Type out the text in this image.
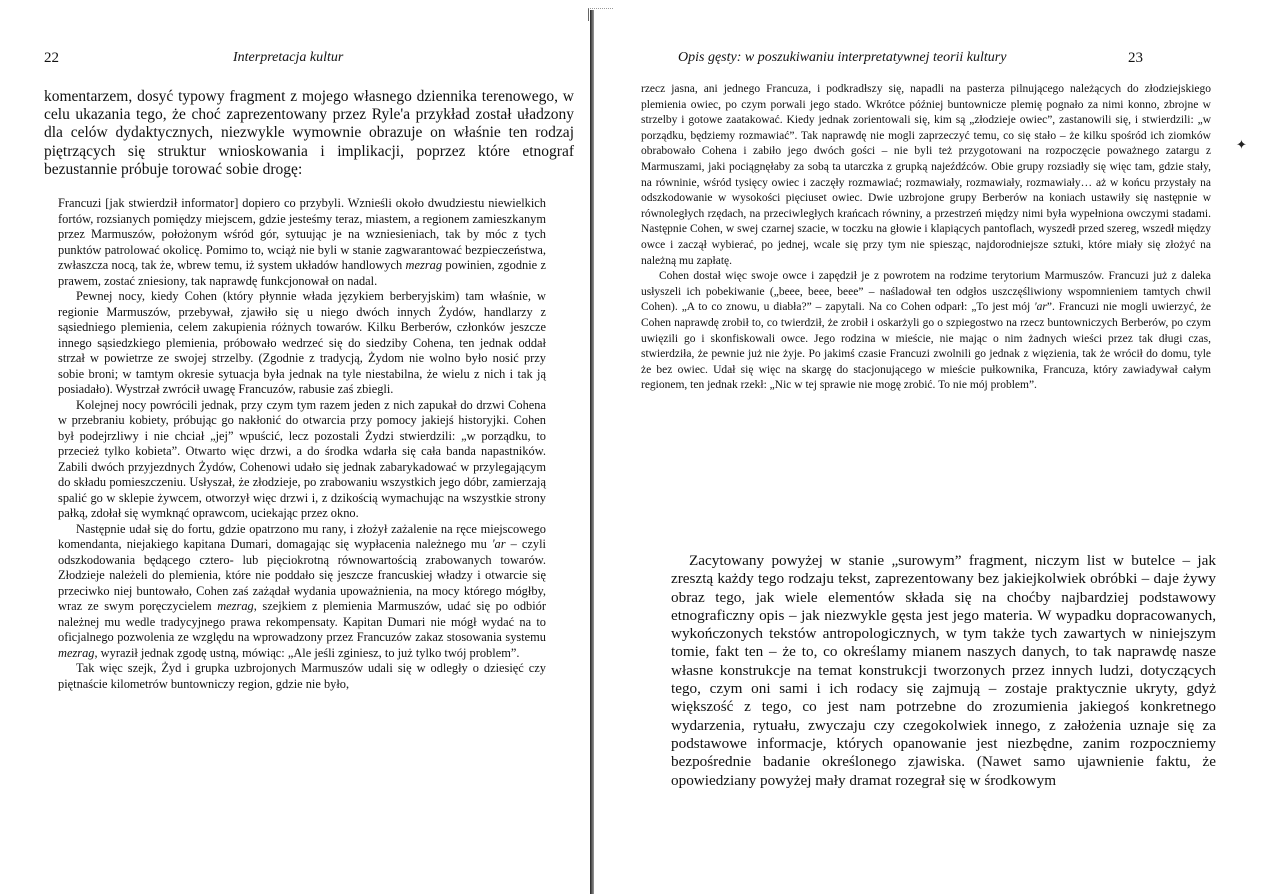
22	Interpretacja kultur

komentarzem, dosyć typowy fragment z mojego własnego dziennika terenowego, w celu ukazania tego, że choć zaprezentowany przez Ryle'a przykład został uładzony dla celów dydaktycznych, niezwykle wymownie obrazuje on właśnie ten rodzaj piętrzących się struktur wnioskowania i implikacji, poprzez które etnograf bezustannie próbuje torować sobie drogę:

Francuzi [jak stwierdził informator] dopiero co przybyli. Wznieśli około dwudziestu niewielkich fortów, rozsianych pomiędzy miejscem, gdzie jesteśmy teraz, miastem, a regionem zamieszkanym przez Marmuszów, położonym wśród gór, sytuując je na wzniesieniach, tak by móc z tych punktów patrolować okolicę. Pomimo to, wciąż nie byli w stanie zagwarantować bezpieczeństwa, zwłaszcza nocą, tak że, wbrew temu, iż system układów handlowych mezrag powinien, zgodnie z prawem, zostać zniesiony, tak naprawdę funkcjonował on nadal.

Pewnej nocy, kiedy Cohen (który płynnie włada językiem berberyjskim) tam właśnie, w regionie Marmuszów, przebywał, zjawiło się u niego dwóch innych Żydów, handlarzy z sąsiedniego plemienia, celem zakupienia różnych towarów. Kilku Berberów, członków jeszcze innego sąsiedzkiego plemienia, próbowało wedrzeć się do siedziby Cohena, ten jednak oddał strzał w powietrze ze swojej strzelby. (Zgodnie z tradycją, Żydom nie wolno było nosić przy sobie broni; w tamtym okresie sytuacja była jednak na tyle niestabilna, że wielu z nich i tak ją posiadało). Wystrzał zwrócił uwagę Francuzów, rabusie zaś zbiegli.

Kolejnej nocy powrócili jednak, przy czym tym razem jeden z nich zapukał do drzwi Cohena w przebraniu kobiety, próbując go nakłonić do otwarcia przy pomocy jakiejś historyjki. Cohen był podejrzliwy i nie chciał „jej” wpuścić, lecz pozostali Żydzi stwierdzili: „w porządku, to przecież tylko kobieta”. Otwarto więc drzwi, a do środka wdarła się cała banda napastników. Zabili dwóch przyjezdnych Żydów, Cohenowi udało się jednak zabarykadować w przylegającym do składu pomieszczeniu. Usłyszał, że złodzieje, po zrabowaniu wszystkich jego dóbr, zamierzają spalić go w sklepie żywcem, otworzył więc drzwi i, z dzikością wymachując na wszystkie strony pałką, zdołał się wymknąć oprawcom, uciekając przez okno.

Następnie udał się do fortu, gdzie opatrzono mu rany, i złożył zażalenie na ręce miejscowego komendanta, niejakiego kapitana Dumari, domagając się wypłacenia należnego mu 'ar – czyli odszkodowania będącego cztero- lub pięciokrotną równowartością zrabowanych towarów. Złodzieje należeli do plemienia, które nie poddało się jeszcze francuskiej władzy i otwarcie się przeciwko niej buntowało, Cohen zaś zażądał wydania upoważnienia, na mocy którego mógłby, wraz ze swym poręczycielem mezrag, szejkiem z plemienia Marmuszów, udać się po odbiór należnej mu wedle tradycyjnego prawa rekompensaty. Kapitan Dumari nie mógł wydać na to oficjalnego pozwolenia ze względu na wprowadzony przez Francuzów zakaz stosowania systemu mezrag, wyraził jednak zgodę ustną, mówiąc: „Ale jeśli zginiesz, to już tylko twój problem”.

Tak więc szejk, Żyd i grupka uzbrojonych Marmuszów udali się w odległy o dziesięć czy piętnaście kilometrów buntowniczy region, gdzie nie było,

Opis gęsty: w poszukiwaniu interpretatywnej teorii kultury	23

rzecz jasna, ani jednego Francuza, i podkradłszy się, napadli na pasterza pilnującego należących do złodziejskiego plemienia owiec, po czym porwali jego stado. Wkrótce później buntownicze plemię pognało za nimi konno, zbrojne w strzelby i gotowe zaatakować. Kiedy jednak zorientowali się, kim są „złodzieje owiec”, zastanowili się, i stwierdzili: „w porządku, będziemy rozmawiać”. Tak naprawdę nie mogli zaprzeczyć temu, co się stało – że kilku spośród ich ziomków obrabowało Cohena i zabiło jego dwóch gości – nie byli też przygotowani na rozpoczęcie poważnego zatargu z Marmuszami, jaki pociągnęłaby za sobą ta utarczka z grupką najeźdźców. Obie grupy rozsiadły się więc tam, gdzie stały, na równinie, wśród tysięcy owiec i zaczęły rozmawiać; rozmawiały, rozmawiały, rozmawiały… aż w końcu przystały na odszkodowanie w wysokości pięciuset owiec. Dwie uzbrojone grupy Berberów na koniach ustawiły się następnie w równoległych rzędach, na przeciwległych krańcach równiny, a przestrzeń między nimi była wypełniona owczymi stadami. Następnie Cohen, w swej czarnej szacie, w toczku na głowie i klapiących pantoflach, wyszedł przed szereg, wszedł między owce i zaczął wybierać, po jednej, wcale się przy tym nie spiesząc, najdorodniejsze sztuki, które miały się złożyć na należną mu zapłatę.

Cohen dostał więc swoje owce i zapędził je z powrotem na rodzime terytorium Marmuszów. Francuzi już z daleka usłyszeli ich pobekiwanie („beee, beee, beee” – naśladował ten odgłos uszczęśliwiony wspomnieniem tamtych chwil Cohen). „A to co znowu, u diabła?” – zapytali. Na co Cohen odparł: „To jest mój 'ar”. Francuzi nie mogli uwierzyć, że Cohen naprawdę zrobił to, co twierdził, że zrobił i oskarżyli go o szpiegostwo na rzecz buntowniczych Berberów, po czym uwięzili go i skonfiskowali owce. Jego rodzina w mieście, nie mając o nim żadnych wieści przez tak długi czas, stwierdziła, że pewnie już nie żyje. Po jakimś czasie Francuzi zwolnili go jednak z więzienia, tak że wrócił do domu, tyle że bez owiec. Udał się więc na skargę do stacjonującego w mieście pułkownika, Francuza, który zawiadywał całym regionem, ten jednak rzekł: „Nic w tej sprawie nie mogę zrobić. To nie mój problem”.

Zacytowany powyżej w stanie „surowym” fragment, niczym list w butelce – jak zresztą każdy tego rodzaju tekst, zaprezentowany bez jakiejkolwiek obróbki – daje żywy obraz tego, jak wiele elementów składa się na choćby najbardziej podstawowy etnograficzny opis – jak niezwykle gęsta jest jego materia. W wypadku dopracowanych, wykończonych tekstów antropologicznych, w tym także tych zawartych w niniejszym tomie, fakt ten – że to, co określamy mianem naszych danych, to tak naprawdę nasze własne konstrukcje na temat konstrukcji tworzonych przez innych ludzi, dotyczących tego, czym oni sami i ich rodacy się zajmują – zostaje praktycznie ukryty, gdyż większość z tego, co jest nam potrzebne do zrozumienia jakiegoś konkretnego wydarzenia, rytuału, zwyczaju czy czegokolwiek innego, z założenia uznaje się za podstawowe informacje, których opanowanie jest niezbędne, zanim rozpoczniemy bezpośrednie badanie określonego zjawiska. (Nawet samo ujawnienie faktu, że opowiedziany powyżej mały dramat rozegrał się w środkowym

✦
